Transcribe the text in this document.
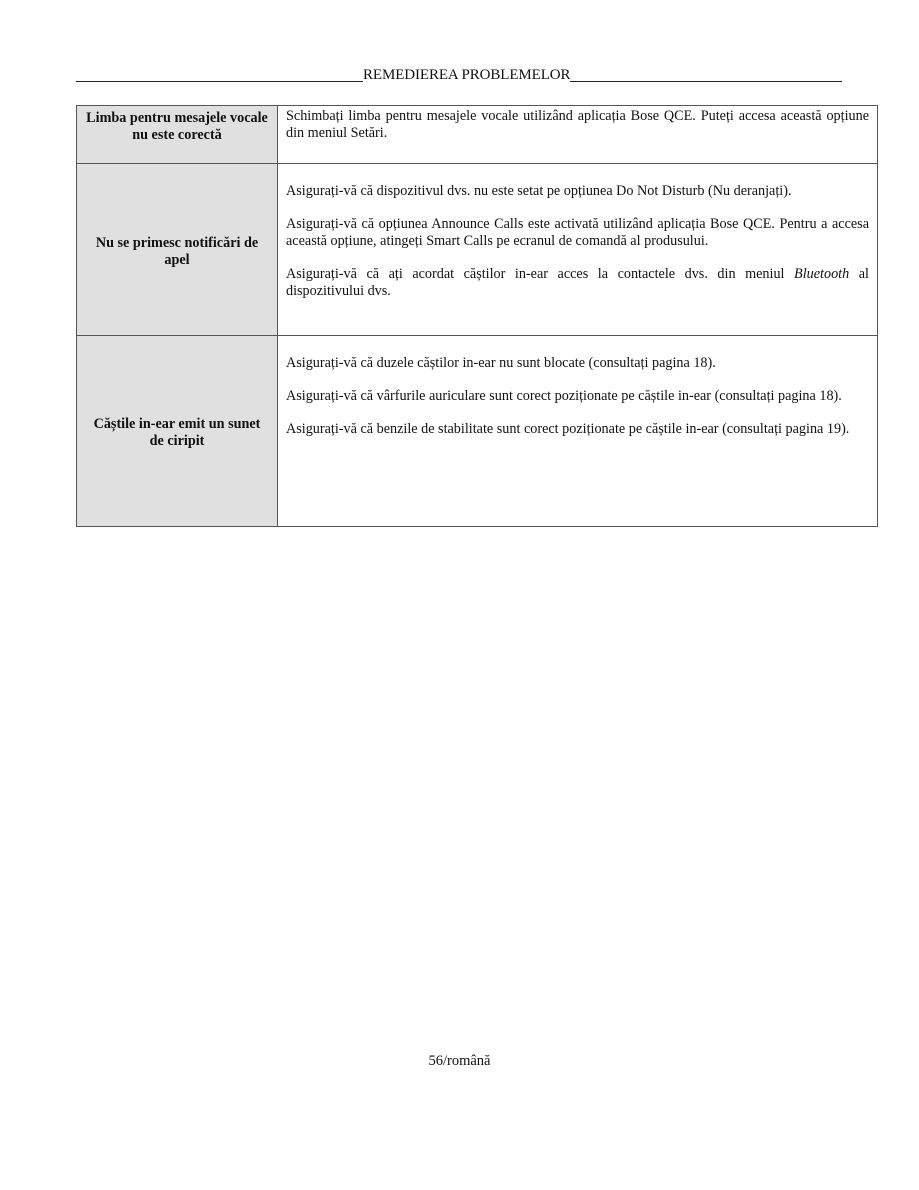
REMEDIEREA PROBLEMELOR
Limba pentru mesajele vocale nu este corectă	Schimbați limba pentru mesajele vocale utilizând aplicația Bose QCE. Puteți accesa această opțiune din meniul Setări.

Nu se primesc notificări de apel	Asigurați-vă că dispozitivul dvs. nu este setat pe opțiunea Do Not Disturb (Nu deranjați).

Asigurați-vă că opțiunea Announce Calls este activată utilizând aplicația Bose QCE. Pentru a accesa această opțiune, atingeți Smart Calls pe ecranul de comandă al produsului.

Asigurați-vă că ați acordat căștilor in-ear acces la contactele dvs. din meniul Bluetooth al dispozitivului dvs.

Căștile in-ear emit un sunet de ciripit	Asigurați-vă că duzele căștilor in-ear nu sunt blocate (consultați pagina 18).

Asigurați-vă că vârfurile auriculare sunt corect poziționate pe căștile in-ear (consultați pagina 18).

Asigurați-vă că benzile de stabilitate sunt corect poziționate pe căștile in-ear (consultați pagina 19).

56/română
